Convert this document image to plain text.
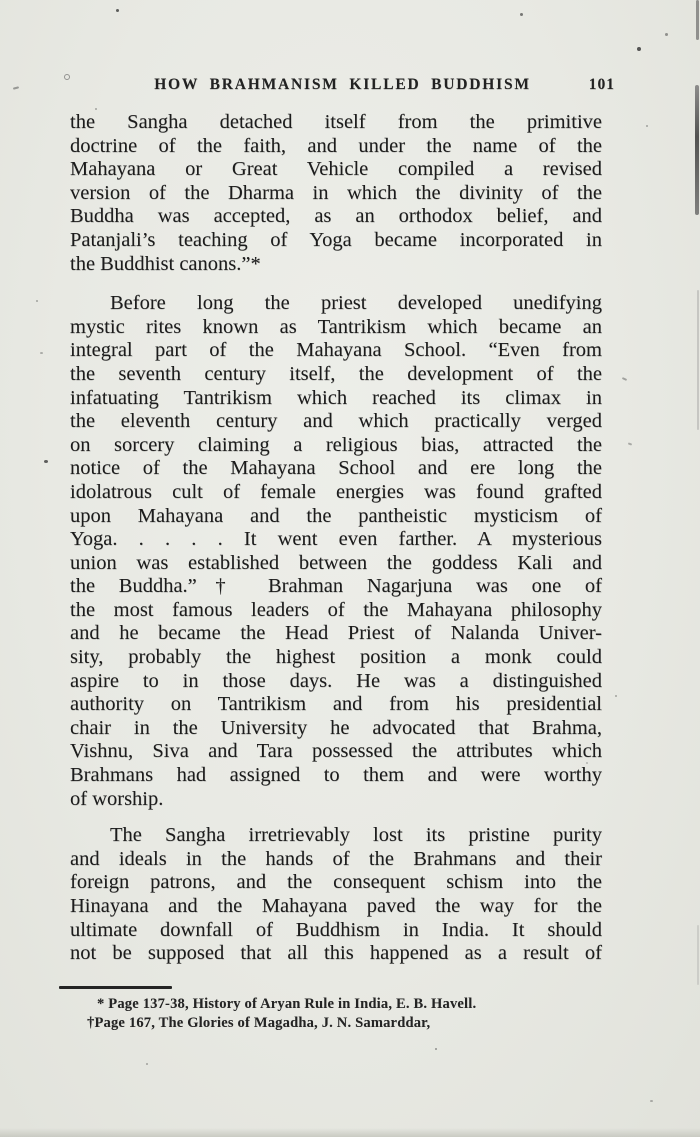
HOW BRAHMANISM KILLED BUDDHISM	101
the Sangha detached itself from the primitive
doctrine of the faith, and under the name of the
Mahayana or Great Vehicle compiled a revised
version of the Dharma in which the divinity of the
Buddha was accepted, as an orthodox belief, and
Patanjali’s teaching of Yoga became incorporated in
the Buddhist canons.”*
Before long the priest developed unedifying
mystic rites known as Tantrikism which became an
integral part of the Mahayana School. “Even from
the seventh century itself, the development of the
infatuating Tantrikism which reached its climax in
the eleventh century and which practically verged
on sorcery claiming a religious bias, attracted the
notice of the Mahayana School and ere long the
idolatrous cult of female energies was found grafted
upon Mahayana and the pantheistic mysticism of
Yoga. . . . . It went even farther. A mysterious
union was established between the goddess Kali and
the Buddha.”† Brahman Nagarjuna was one of
the most famous leaders of the Mahayana philosophy
and he became the Head Priest of Nalanda Univer-
sity, probably the highest position a monk could
aspire to in those days. He was a distinguished
authority on Tantrikism and from his presidential
chair in the University he advocated that Brahma,
Vishnu, Siva and Tara possessed the attributes which
Brahmans had assigned to them and were worthy
of worship.
The Sangha irretrievably lost its pristine purity
and ideals in the hands of the Brahmans and their
foreign patrons, and the consequent schism into the
Hinayana and the Mahayana paved the way for the
ultimate downfall of Buddhism in India. It should
not be supposed that all this happened as a result of
* Page 137-38, History of Aryan Rule in India, E. B. Havell.
†Page 167, The Glories of Magadha, J. N. Samarddar,
